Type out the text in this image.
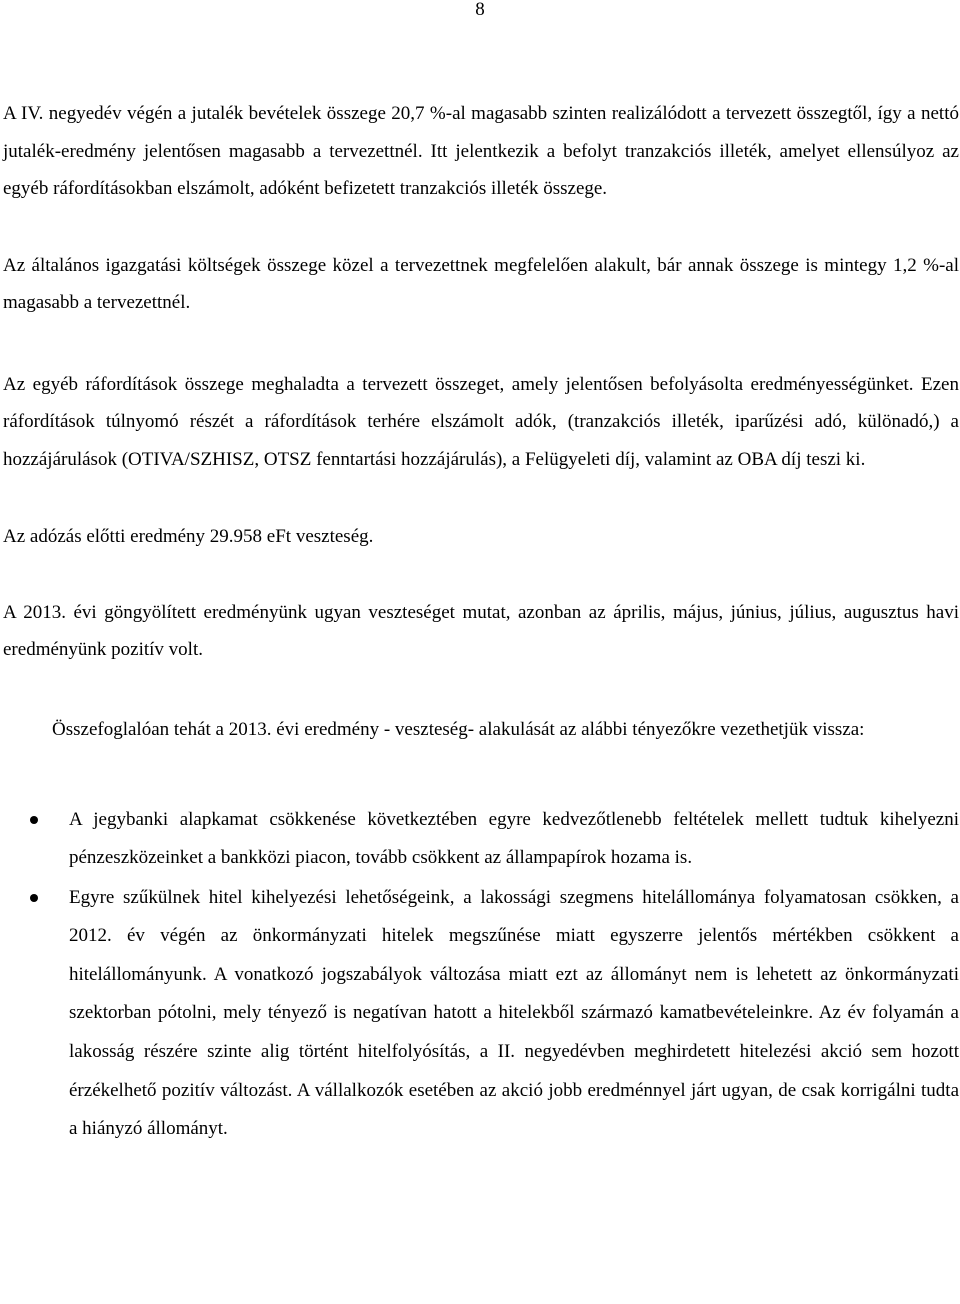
8

A IV. negyedév végén a jutalék bevételek összege 20,7 %-al magasabb szinten realizálódott a tervezett összegtől, így a nettó jutalék-eredmény jelentősen magasabb a tervezettnél. Itt jelentkezik a befolyt tranzakciós illeték, amelyet ellensúlyoz az egyéb ráfordításokban elszámolt, adóként befizetett tranzakciós illeték összege.

Az általános igazgatási költségek összege közel a tervezettnek megfelelően alakult, bár annak összege is mintegy 1,2 %-al magasabb a tervezettnél.

Az egyéb ráfordítások összege meghaladta a tervezett összeget, amely jelentősen befolyásolta eredményességünket. Ezen ráfordítások túlnyomó részét a ráfordítások terhére elszámolt adók, (tranzakciós illeték, iparűzési adó, különadó,) a hozzájárulások (OTIVA/SZHISZ, OTSZ fenntartási hozzájárulás), a Felügyeleti díj, valamint az OBA díj teszi ki.

Az adózás előtti eredmény 29.958 eFt veszteség.

A 2013. évi göngyölített eredményünk ugyan veszteséget mutat, azonban az április, május, június, július, augusztus havi eredményünk pozitív volt.

Összefoglalóan tehát a 2013. évi eredmény - veszteség- alakulását az alábbi tényezőkre vezethetjük vissza:

A jegybanki alapkamat csökkenése következtében egyre kedvezőtlenebb feltételek mellett tudtuk kihelyezni pénzeszközeinket a bankközi piacon, tovább csökkent az állampapírok hozama is.
Egyre szűkülnek hitel kihelyezési lehetőségeink, a lakossági szegmens hitelállománya folyamatosan csökken, a 2012. év végén az önkormányzati hitelek megszűnése miatt egyszerre jelentős mértékben csökkent a hitelállományunk. A vonatkozó jogszabályok változása miatt ezt az állományt nem is lehetett az önkormányzati szektorban pótolni, mely tényező is negatívan hatott a hitelekből származó kamatbevételeinkre. Az év folyamán a lakosság részére szinte alig történt hitelfolyósítás, a II. negyedévben meghirdetett hitelezési akció sem hozott érzékelhető pozitív változást. A vállalkozók esetében az akció jobb eredménnyel járt ugyan, de csak korrigálni tudta a hiányzó állományt.
